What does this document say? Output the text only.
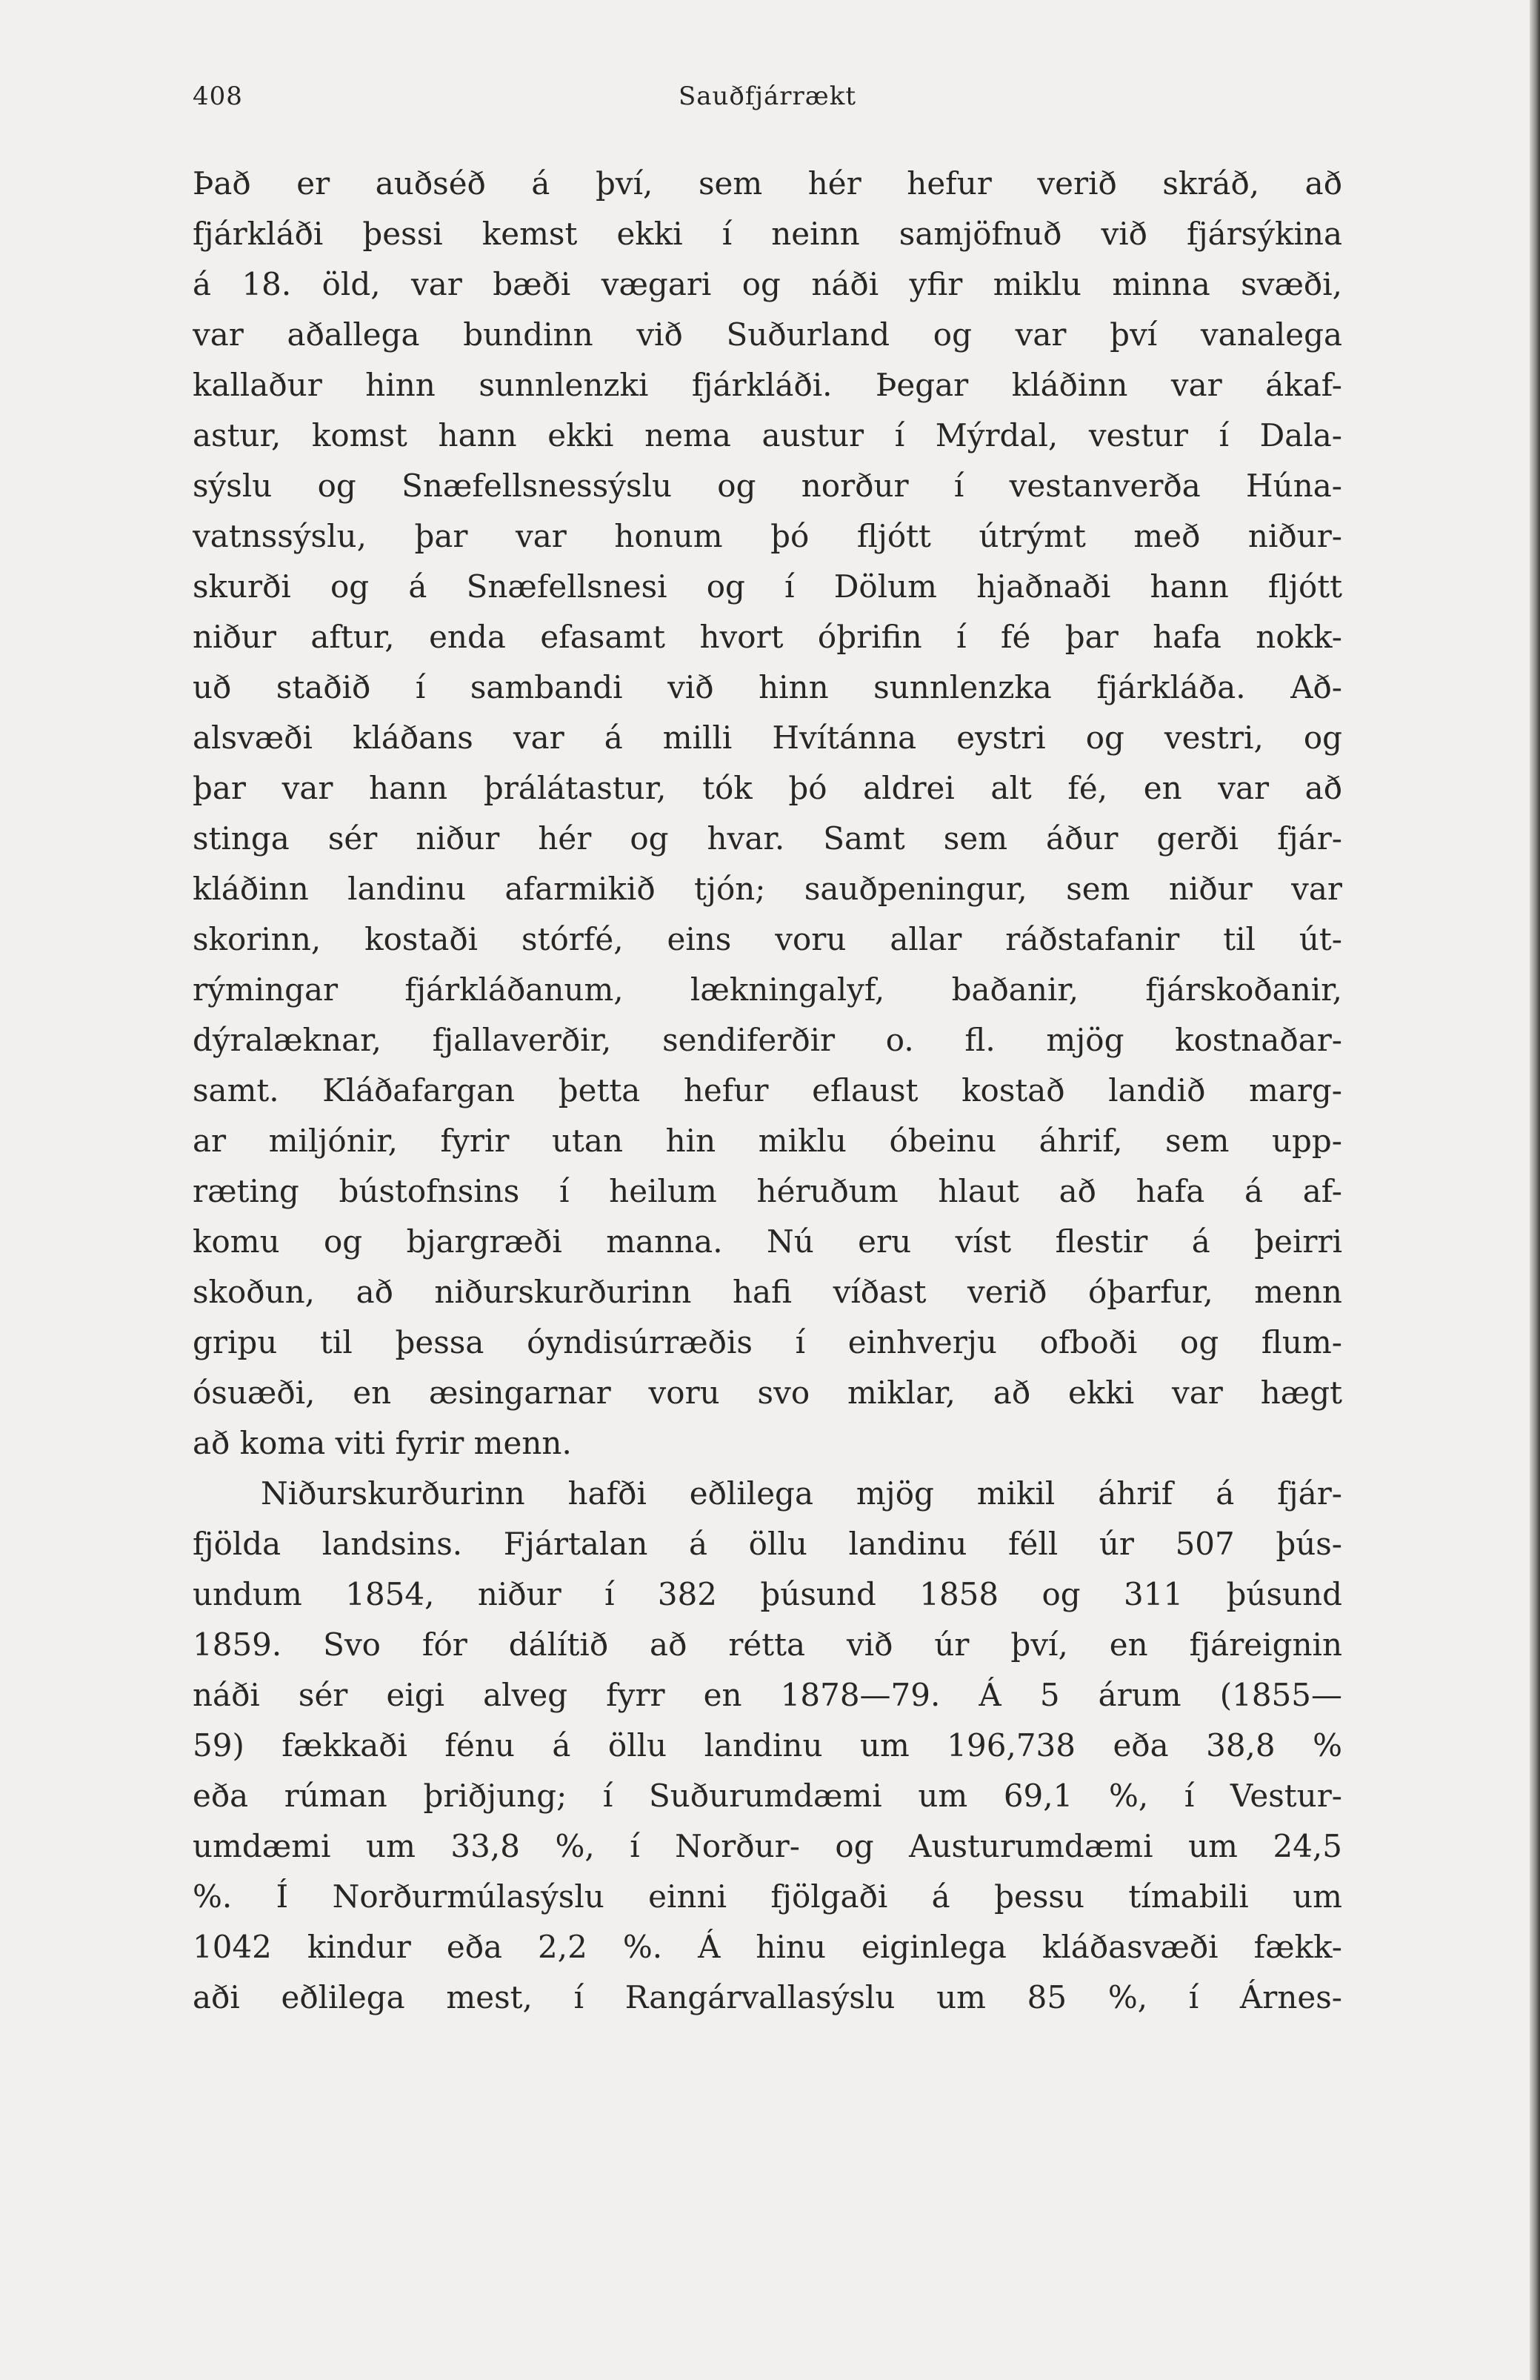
408	Sauðfjárrækt

Það er auðséð á því, sem hér hefur verið skráð, að
fjárkláði þessi kemst ekki í neinn samjöfnuð við fjársýkina
á 18. öld, var bæði vægari og náði yfir miklu minna svæði,
var aðallega bundinn við Suðurland og var því vanalega
kallaður hinn sunnlenzki fjárkláði. Þegar kláðinn var ákaf-
astur, komst hann ekki nema austur í Mýrdal, vestur í Dala-
sýslu og Snæfellsnessýslu og norður í vestanverða Húna-
vatnssýslu, þar var honum þó fljótt útrýmt með niður-
skurði og á Snæfellsnesi og í Dölum hjaðnaði hann fljótt
niður aftur, enda efasamt hvort óþrifin í fé þar hafa nokk-
uð staðið í sambandi við hinn sunnlenzka fjárkláða. Að-
alsvæði kláðans var á milli Hvítánna eystri og vestri, og
þar var hann þrálátastur, tók þó aldrei alt fé, en var að
stinga sér niður hér og hvar. Samt sem áður gerði fjár-
kláðinn landinu afarmikið tjón; sauðpeningur, sem niður var
skorinn, kostaði stórfé, eins voru allar ráðstafanir til út-
rýmingar fjárkláðanum, lækningalyf, baðanir, fjárskoðanir,
dýralæknar, fjallaverðir, sendiferðir o. fl. mjög kostnaðar-
samt. Kláðafargan þetta hefur eflaust kostað landið marg-
ar miljónir, fyrir utan hin miklu óbeinu áhrif, sem upp-
ræting bústofnsins í heilum héruðum hlaut að hafa á af-
komu og bjargræði manna. Nú eru víst flestir á þeirri
skoðun, að niðurskurðurinn hafi víðast verið óþarfur, menn
gripu til þessa óyndisúrræðis í einhverju ofboði og flum-
ósuæði, en æsingarnar voru svo miklar, að ekki var hægt
að koma viti fyrir menn.

Niðurskurðurinn hafði eðlilega mjög mikil áhrif á fjár-
fjölda landsins. Fjártalan á öllu landinu féll úr 507 þús-
undum 1854, niður í 382 þúsund 1858 og 311 þúsund
1859. Svo fór dálítið að rétta við úr því, en fjáreignin
náði sér eigi alveg fyrr en 1878—79. Á 5 árum (1855—
59) fækkaði fénu á öllu landinu um 196,738 eða 38,8 %
eða rúman þriðjung; í Suðurumdæmi um 69,1 %, í Vestur-
umdæmi um 33,8 %, í Norður- og Austurumdæmi um 24,5
%. Í Norðurmúlasýslu einni fjölgaði á þessu tímabili um
1042 kindur eða 2,2 %. Á hinu eiginlega kláðasvæði fækk-
aði eðlilega mest, í Rangárvallasýslu um 85 %, í Árnes-
